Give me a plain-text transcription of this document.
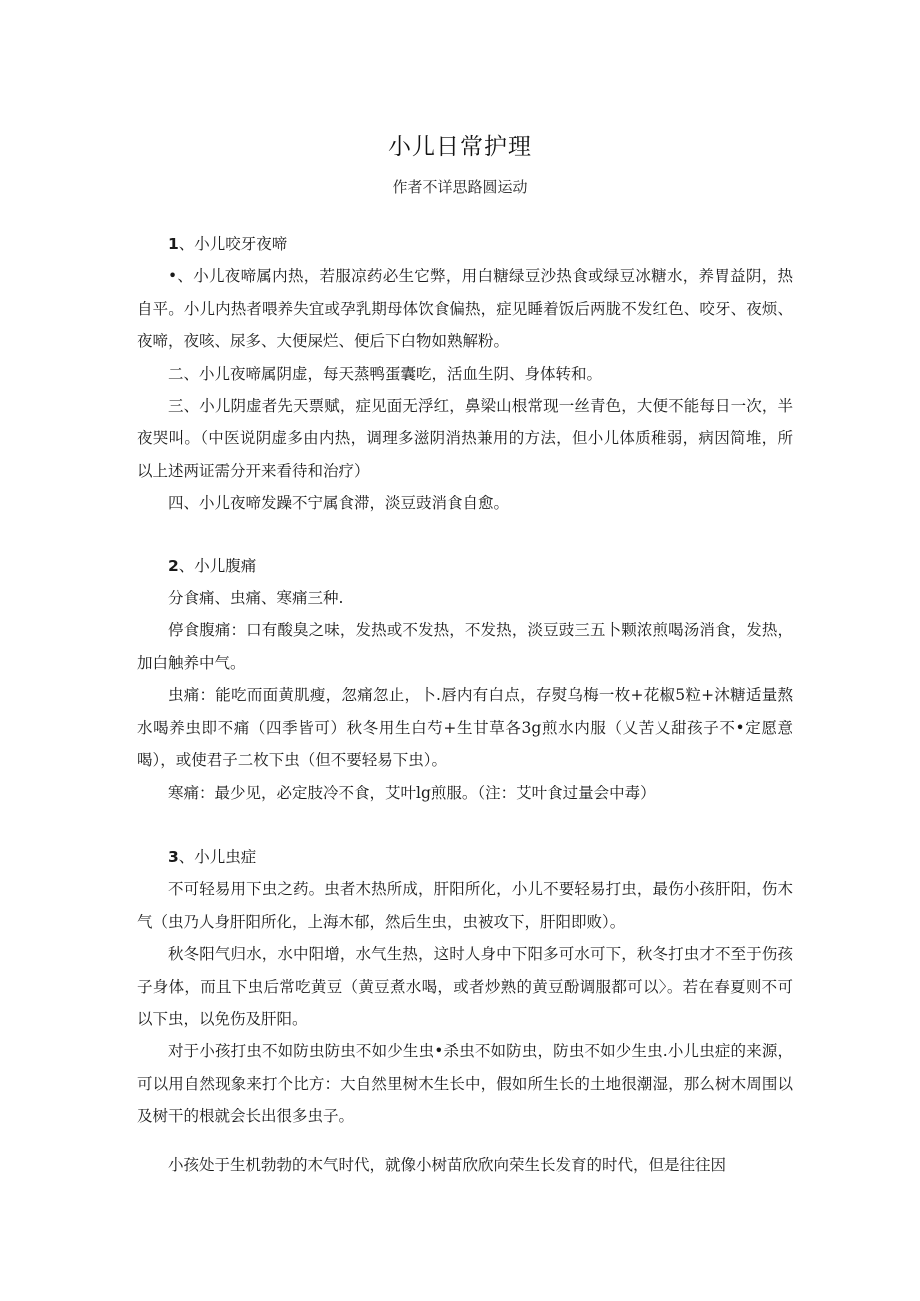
小儿日常护理
作者不详思路圆运动
1、小儿咬牙夜啼

•、小儿夜啼属内热，若服凉药必生它弊，用白糖绿豆沙热食或绿豆冰糖水，养胃益阴，热自平。小儿内热者喂养失宜或孕乳期母体饮食偏热，症见睡着饭后两胧不发红色、咬牙、夜烦、夜啼，夜咳、尿多、大便屎烂、便后下白物如熟解粉。

二、小儿夜啼属阴虚，每天蒸鸭蛋囊吃，活血生阴、身体转和。

三、小儿阴虚者先天票赋，症见面无浮红，鼻梁山根常现一丝青色，大便不能每日一次，半夜哭叫。（中医说阴虚多由内热，调理多滋阴消热兼用的方法，但小儿体质稚弱，病因简堆，所以上述两证需分开来看待和治疗）

四、小儿夜啼发躁不宁属食滞，淡豆豉消食自愈。

2、小儿腹痛

分食痛、虫痛、寒痛三种.

停食腹痛：口有酸臭之味，发热或不发热，不发热，淡豆豉三五卜颗浓煎喝汤消食，发热，加白触养中气。

虫痛：能吃而面黄肌瘦，忽痛忽止，卜.唇内有白点，存熨乌梅一枚+花椒5粒+沐糖适量熬水喝养虫即不痛（四季皆可）秋冬用生白芍+生甘草各3g煎水内服（乂苦乂甜孩子不•定愿意喝），或使君子二枚下虫（但不要轻易下虫）。

寒痛：最少见，必定肢冷不食，艾叶lg煎服。（注：艾叶食过量会中毒）

3、小儿虫症

不可轻易用下虫之药。虫者木热所成，肝阳所化，小儿不要轻易打虫，最伤小孩肝阳，伤木气（虫乃人身肝阳所化，上海木郁，然后生虫，虫被攻下，肝阳即败）。

秋冬阳气归水，水中阳增，水气生热，这时人身中下阳多可水可下，秋冬打虫才不至于伤孩子身体，而且下虫后常吃黄豆（黄豆煮水喝，或者炒熟的黄豆酚调服都可以〉。若在春夏则不可以下虫，以免伤及肝阳。

对于小孩打虫不如防虫防虫不如少生虫•杀虫不如防虫，防虫不如少生虫.小儿虫症的来源，可以用自然现象来打个比方：大自然里树木生长中，假如所生长的土地很潮湿，那么树木周围以及树干的根就会长出很多虫子。

小孩处于生机勃勃的木气时代，就像小树苗欣欣向荣生长发育的时代，但是往往因
